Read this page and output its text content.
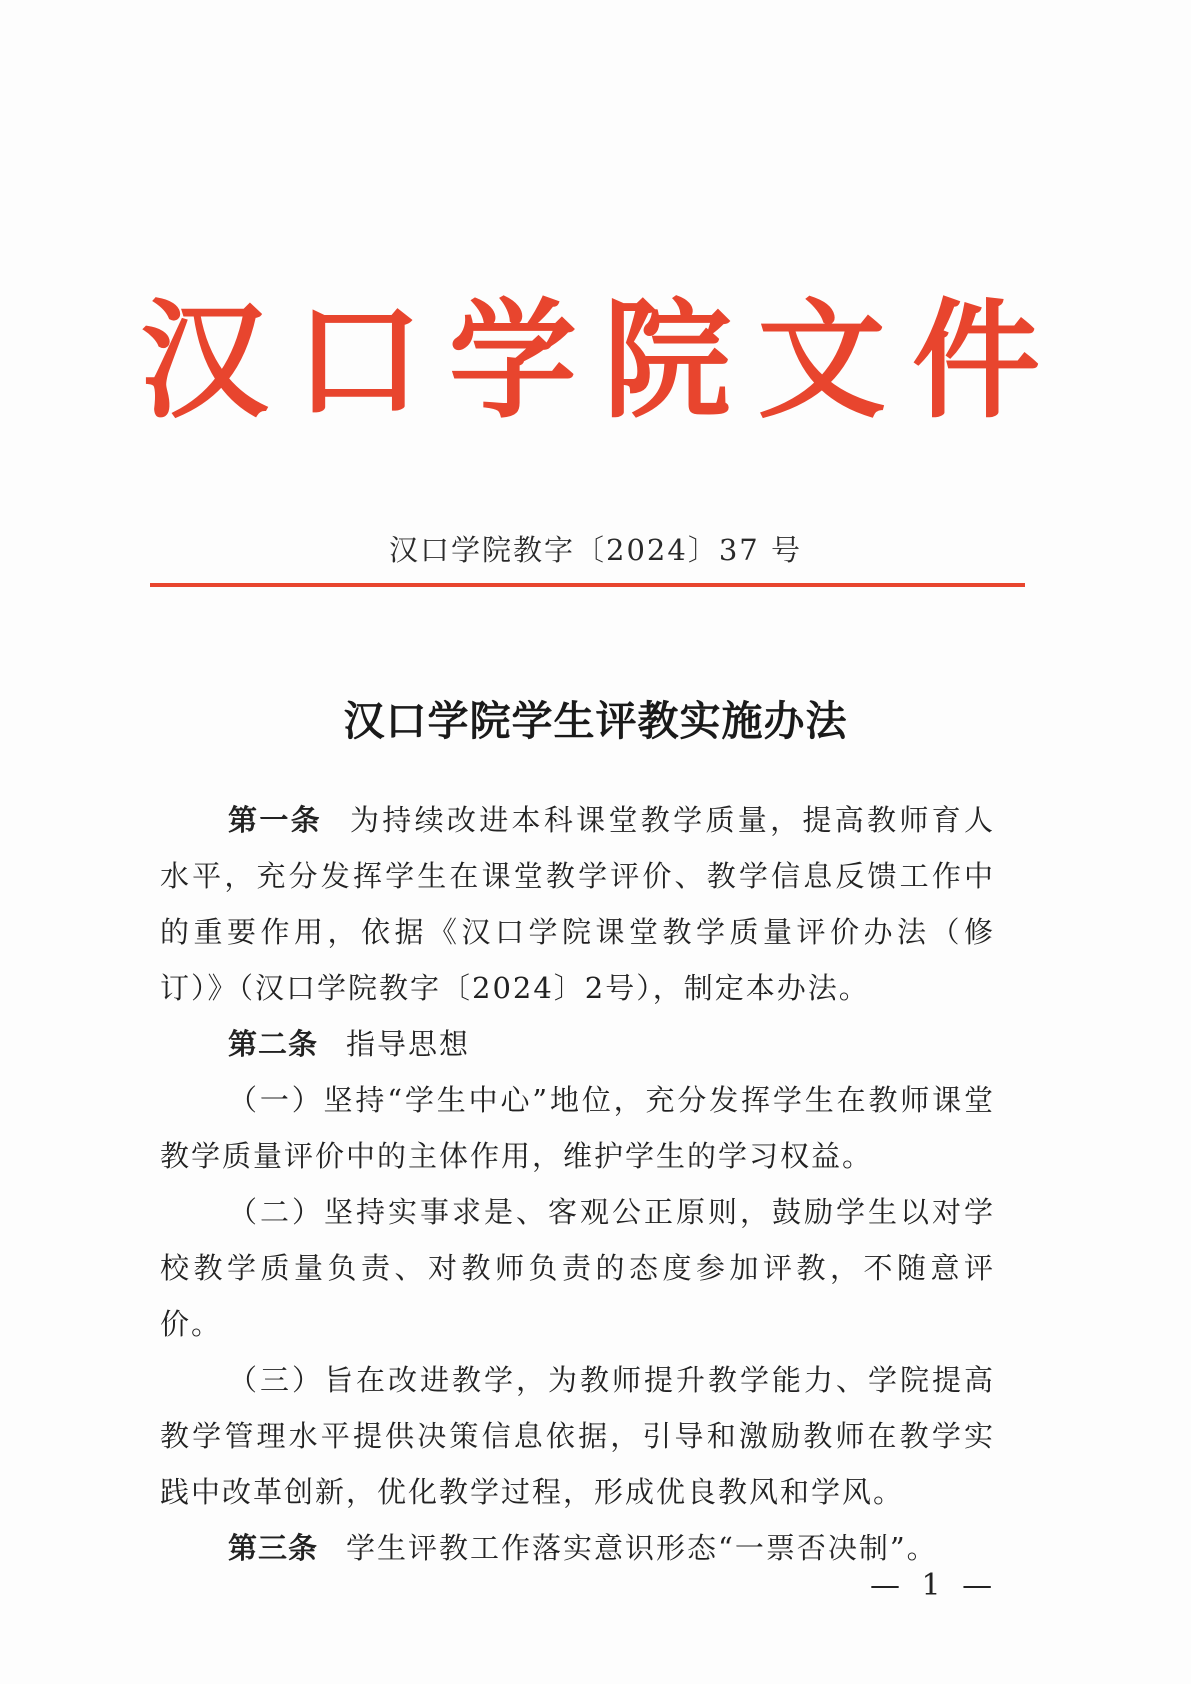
汉 口 学 院 文 件
汉口学院教字〔2024〕37 号
汉口学院学生评教实施办法

第一条 为持续改进本科课堂教学质量，提高教师育人水平，充分发挥学生在课堂教学评价、教学信息反馈工作中的重要作用，依据《汉口学院课堂教学质量评价办法（修订）》（汉口学院教字〔2024〕2号），制定本办法。

第二条 指导思想

（一）坚持“学生中心”地位，充分发挥学生在教师课堂教学质量评价中的主体作用，维护学生的学习权益。

（二）坚持实事求是、客观公正原则，鼓励学生以对学校教学质量负责、对教师负责的态度参加评教，不随意评价。

（三）旨在改进教学，为教师提升教学能力、学院提高教学管理水平提供决策信息依据，引导和激励教师在教学实践中改革创新，优化教学过程，形成优良教风和学风。

第三条 学生评教工作落实意识形态“一票否决制”。

— 1 —
